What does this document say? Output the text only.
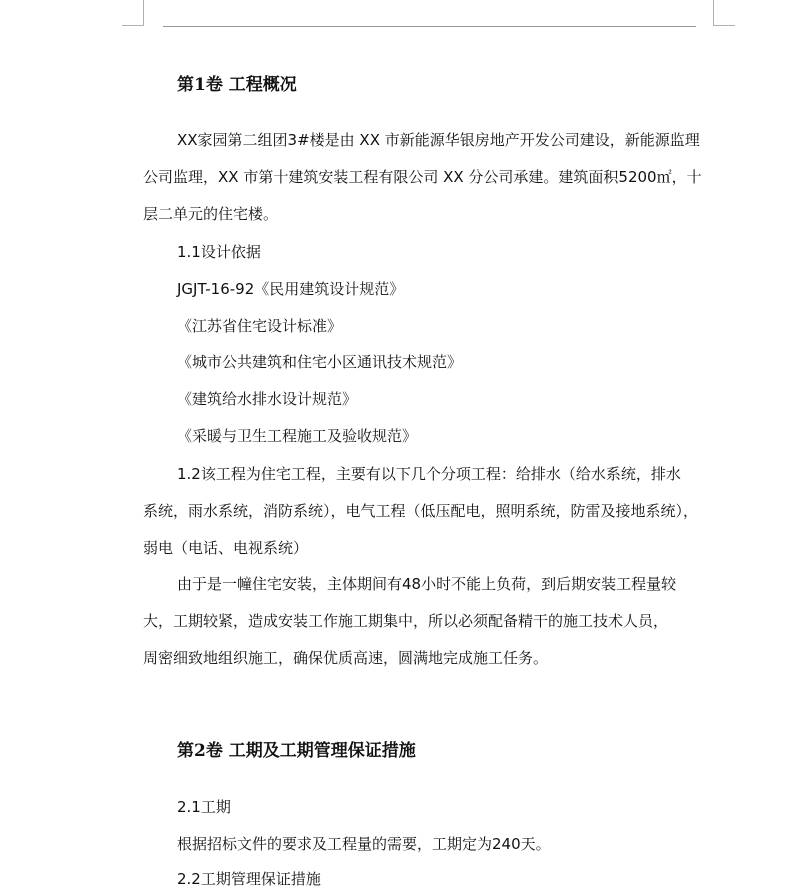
第1卷 工程概况
XX家园第二组团3#楼是由 XX 市新能源华银房地产开发公司建设，新能源监理
公司监理，XX 市第十建筑安装工程有限公司 XX 分公司承建。建筑面积5200㎡，十
层二单元的住宅楼。
1.1设计依据
JGJT-16-92《民用建筑设计规范》
《江苏省住宅设计标准》
《城市公共建筑和住宅小区通讯技术规范》
《建筑给水排水设计规范》
《采暖与卫生工程施工及验收规范》
1.2该工程为住宅工程，主要有以下几个分项工程：给排水（给水系统，排水
系统，雨水系统，消防系统），电气工程（低压配电，照明系统，防雷及接地系统），
弱电（电话、电视系统）
由于是一幢住宅安装，主体期间有48小时不能上负荷，到后期安装工程量较
大，工期较紧，造成安装工作施工期集中，所以必须配备精干的施工技术人员，
周密细致地组织施工，确保优质高速，圆满地完成施工任务。
第2卷 工期及工期管理保证措施
2.1工期
根据招标文件的要求及工程量的需要，工期定为240天。
2.2工期管理保证措施
